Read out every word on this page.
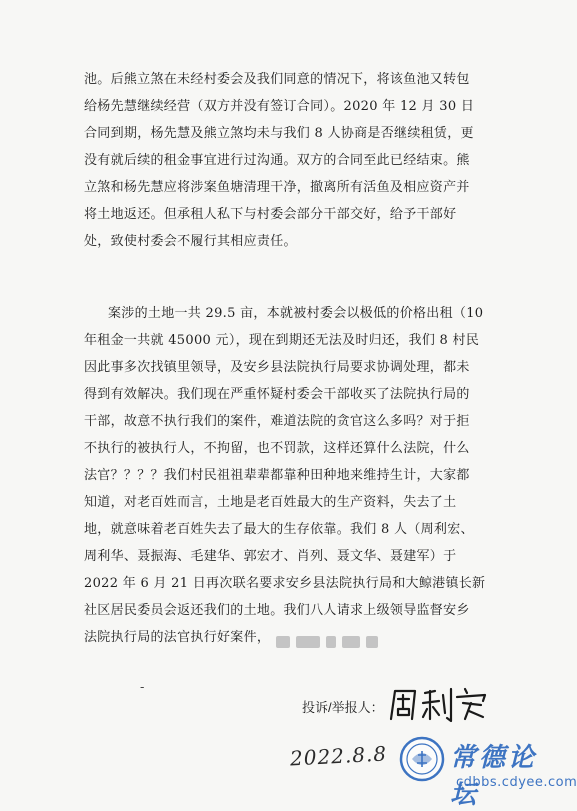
池。后熊立煞在未经村委会及我们同意的情况下，将该鱼池又转包
给杨先慧继续经营（双方并没有签订合同）。2020 年 12 月 30 日
合同到期，杨先慧及熊立煞均未与我们 8 人协商是否继续租赁，更
没有就后续的租金事宜进行过沟通。双方的合同至此已经结束。熊
立煞和杨先慧应将涉案鱼塘清理干净，撤离所有活鱼及相应资产并
将土地返还。但承租人私下与村委会部分干部交好，给予干部好
处，致使村委会不履行其相应责任。
案涉的土地一共 29.5 亩，本就被村委会以极低的价格出租（10
年租金一共就 45000 元），现在到期还无法及时归还，我们 8 村民
因此事多次找镇里领导，及安乡县法院执行局要求协调处理，都未
得到有效解决。我们现在严重怀疑村委会干部收买了法院执行局的
干部，故意不执行我们的案件，难道法院的贪官这么多吗？对于拒
不执行的被执行人，不拘留，也不罚款，这样还算什么法院，什么
法官？？？？我们村民祖祖辈辈都靠种田种地来维持生计，大家都
知道，对老百姓而言，土地是老百姓最大的生产资料，失去了土
地，就意味着老百姓失去了最大的生存依靠。我们 8 人（周利宏、
周利华、聂振海、毛建华、郭宏才、肖列、聂文华、聂建军）于
2022 年 6 月 21 日再次联名要求安乡县法院执行局和大鲸港镇长新
社区居民委员会返还我们的土地。我们八人请求上级领导监督安乡
法院执行局的法官执行好案件，
-
投诉/举报人：
2022.8.8 常德论坛
cdbbs.cdyee.com
